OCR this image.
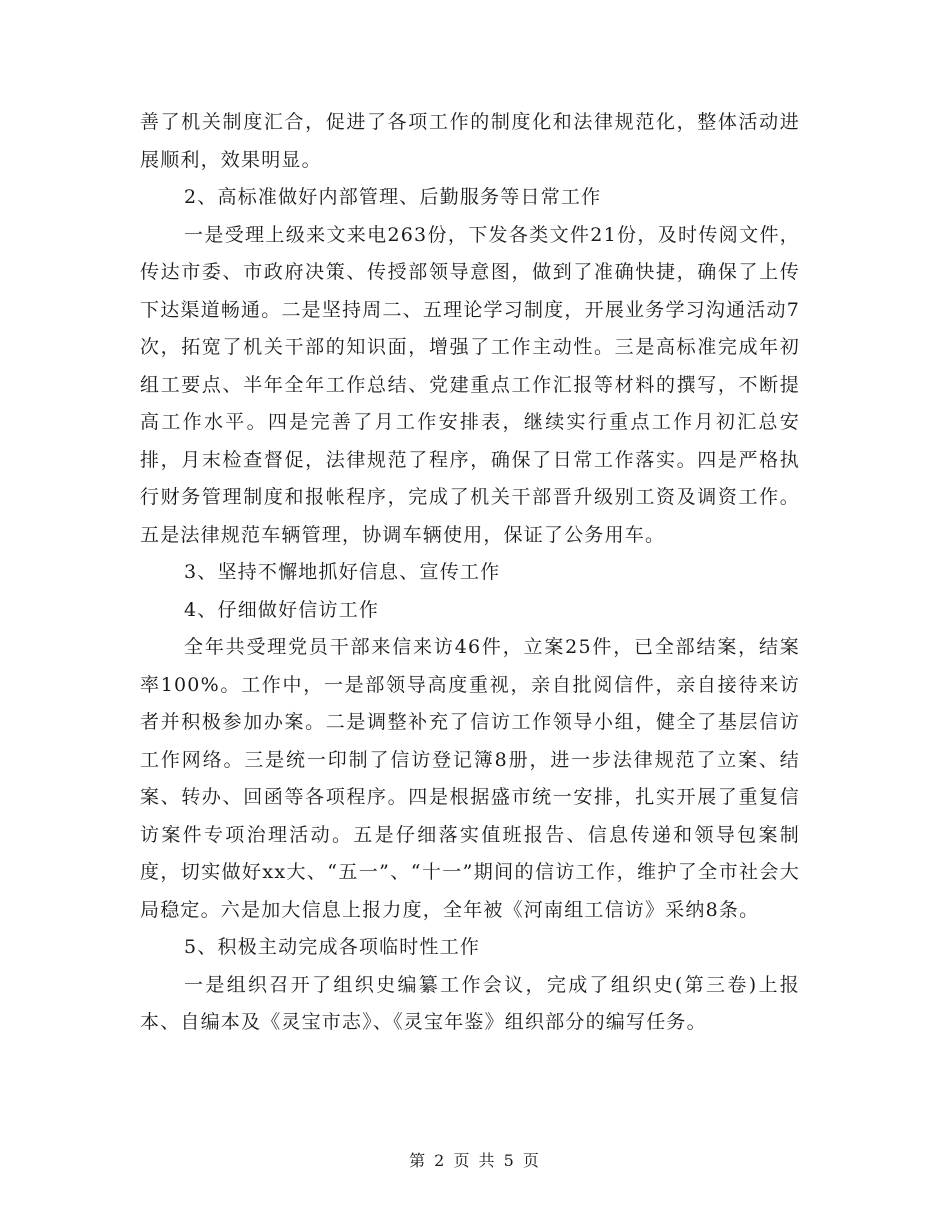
善了机关制度汇合，促进了各项工作的制度化和法律规范化，整体活动进展顺利，效果明显。

2、高标准做好内部管理、后勤服务等日常工作

一是受理上级来文来电263份，下发各类文件21份，及时传阅文件，传达市委、市政府决策、传授部领导意图，做到了准确快捷，确保了上传下达渠道畅通。二是坚持周二、五理论学习制度，开展业务学习沟通活动7次，拓宽了机关干部的知识面，增强了工作主动性。三是高标准完成年初组工要点、半年全年工作总结、党建重点工作汇报等材料的撰写，不断提高工作水平。四是完善了月工作安排表，继续实行重点工作月初汇总安排，月末检查督促，法律规范了程序，确保了日常工作落实。四是严格执行财务管理制度和报帐程序，完成了机关干部晋升级别工资及调资工作。五是法律规范车辆管理，协调车辆使用，保证了公务用车。

3、坚持不懈地抓好信息、宣传工作

4、仔细做好信访工作

全年共受理党员干部来信来访46件，立案25件，已全部结案，结案率100%。工作中，一是部领导高度重视，亲自批阅信件，亲自接待来访者并积极参加办案。二是调整补充了信访工作领导小组，健全了基层信访工作网络。三是统一印制了信访登记簿8册，进一步法律规范了立案、结案、转办、回函等各项程序。四是根据盛市统一安排，扎实开展了重复信访案件专项治理活动。五是仔细落实值班报告、信息传递和领导包案制度，切实做好xx大、“五一”、“十一”期间的信访工作，维护了全市社会大局稳定。六是加大信息上报力度，全年被《河南组工信访》采纳8条。

5、积极主动完成各项临时性工作

一是组织召开了组织史编纂工作会议，完成了组织史(第三卷)上报本、自编本及《灵宝市志》、《灵宝年鉴》组织部分的编写任务。

第 2 页 共 5 页
